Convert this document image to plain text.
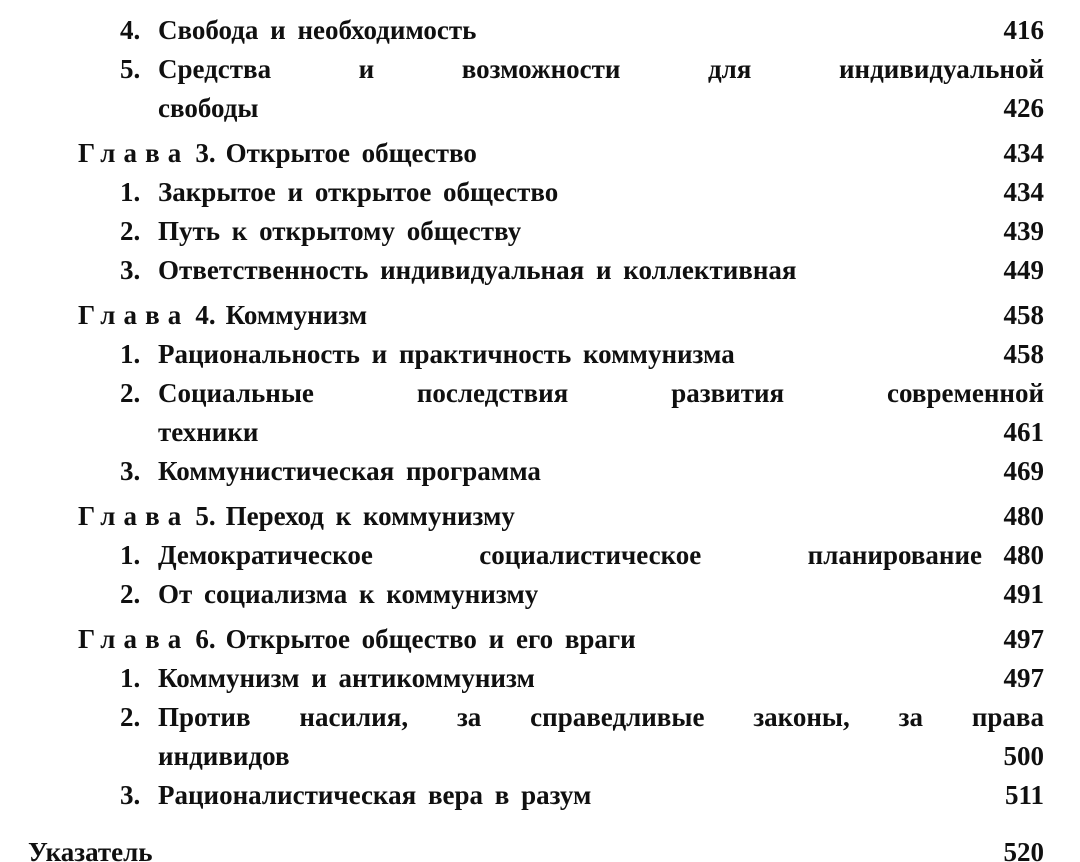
4. Свобода и необходимость	416
5. Средства и возможности для индивидуальной
свободы	426
Глава 3. Открытое общество	434
1. Закрытое и открытое общество	434
2. Путь к открытому обществу	439
3. Ответственность индивидуальная и коллективная	449
Глава 4. Коммунизм	458
1. Рациональность и практичность коммунизма	458
2. Социальные последствия развития современной
техники	461
3. Коммунистическая программа	469
Глава 5. Переход к коммунизму	480
1. Демократическое социалистическое планирование 480
2. От социализма к коммунизму	491
Глава 6. Открытое общество и его враги	497
1. Коммунизм и антикоммунизм	497
2. Против насилия, за справедливые законы, за права
индивидов	500
3. Рационалистическая вера в разум	511
Указатель	520
